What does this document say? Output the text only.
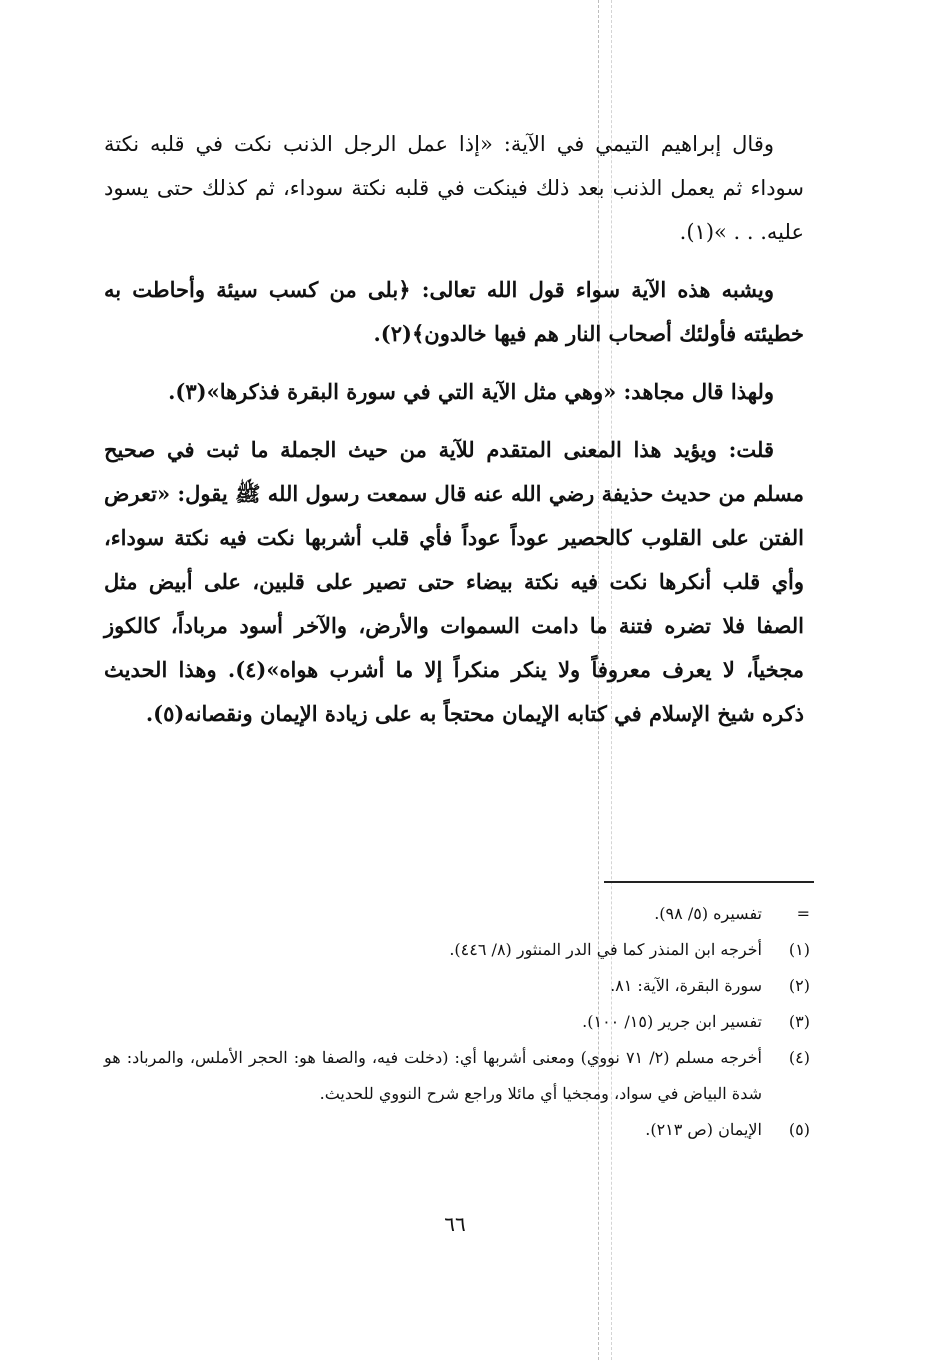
وقال إبراهيم التيمي في الآية: «إذا عمل الرجل الذنب نكت في قلبه نكتة سوداء ثم يعمل الذنب بعد ذلك فينكت في قلبه نكتة سوداء، ثم كذلك حتى يسود عليه. . . »(١).

ويشبه هذه الآية سواء قول الله تعالى: ﴿بلى من كسب سيئة وأحاطت به خطيئته فأولئك أصحاب النار هم فيها خالدون﴾(٢).

ولهذا قال مجاهد: «وهي مثل الآية التي في سورة البقرة فذكرها»(٣).

قلت: ويؤيد هذا المعنى المتقدم للآية من حيث الجملة ما ثبت في صحيح مسلم من حديث حذيفة رضي الله عنه قال سمعت رسول الله ﷺ يقول: «تعرض الفتن على القلوب كالحصير عوداً عوداً فأي قلب أشربها نكت فيه نكتة سوداء، وأي قلب أنكرها نكت فيه نكتة بيضاء حتى تصير على قلبين، على أبيض مثل الصفا فلا تضره فتنة ما دامت السموات والأرض، والآخر أسود مرباداً، كالكوز مجخياً، لا يعرف معروفاً ولا ينكر منكراً إلا ما أشرب هواه»(٤). وهذا الحديث ذكره شيخ الإسلام في كتابه الإيمان محتجاً به على زيادة الإيمان ونقصانه(٥).

=
تفسيره (٥/ ٩٨).
(١)
أخرجه ابن المنذر كما في الدر المنثور (٨/ ٤٤٦).
(٢)
سورة البقرة، الآية: ٨١.
(٣)
تفسير ابن جرير (١٥/ ١٠٠).
(٤)
أخرجه مسلم (٢/ ٧١ نووي) ومعنى أشربها أي: (دخلت فيه، والصفا هو: الحجر الأملس، والمرباد: هو شدة البياض في سواد، ومجخيا أي مائلا وراجع شرح النووي للحديث.
(٥)
الإيمان (ص ٢١٣).
٦٦
